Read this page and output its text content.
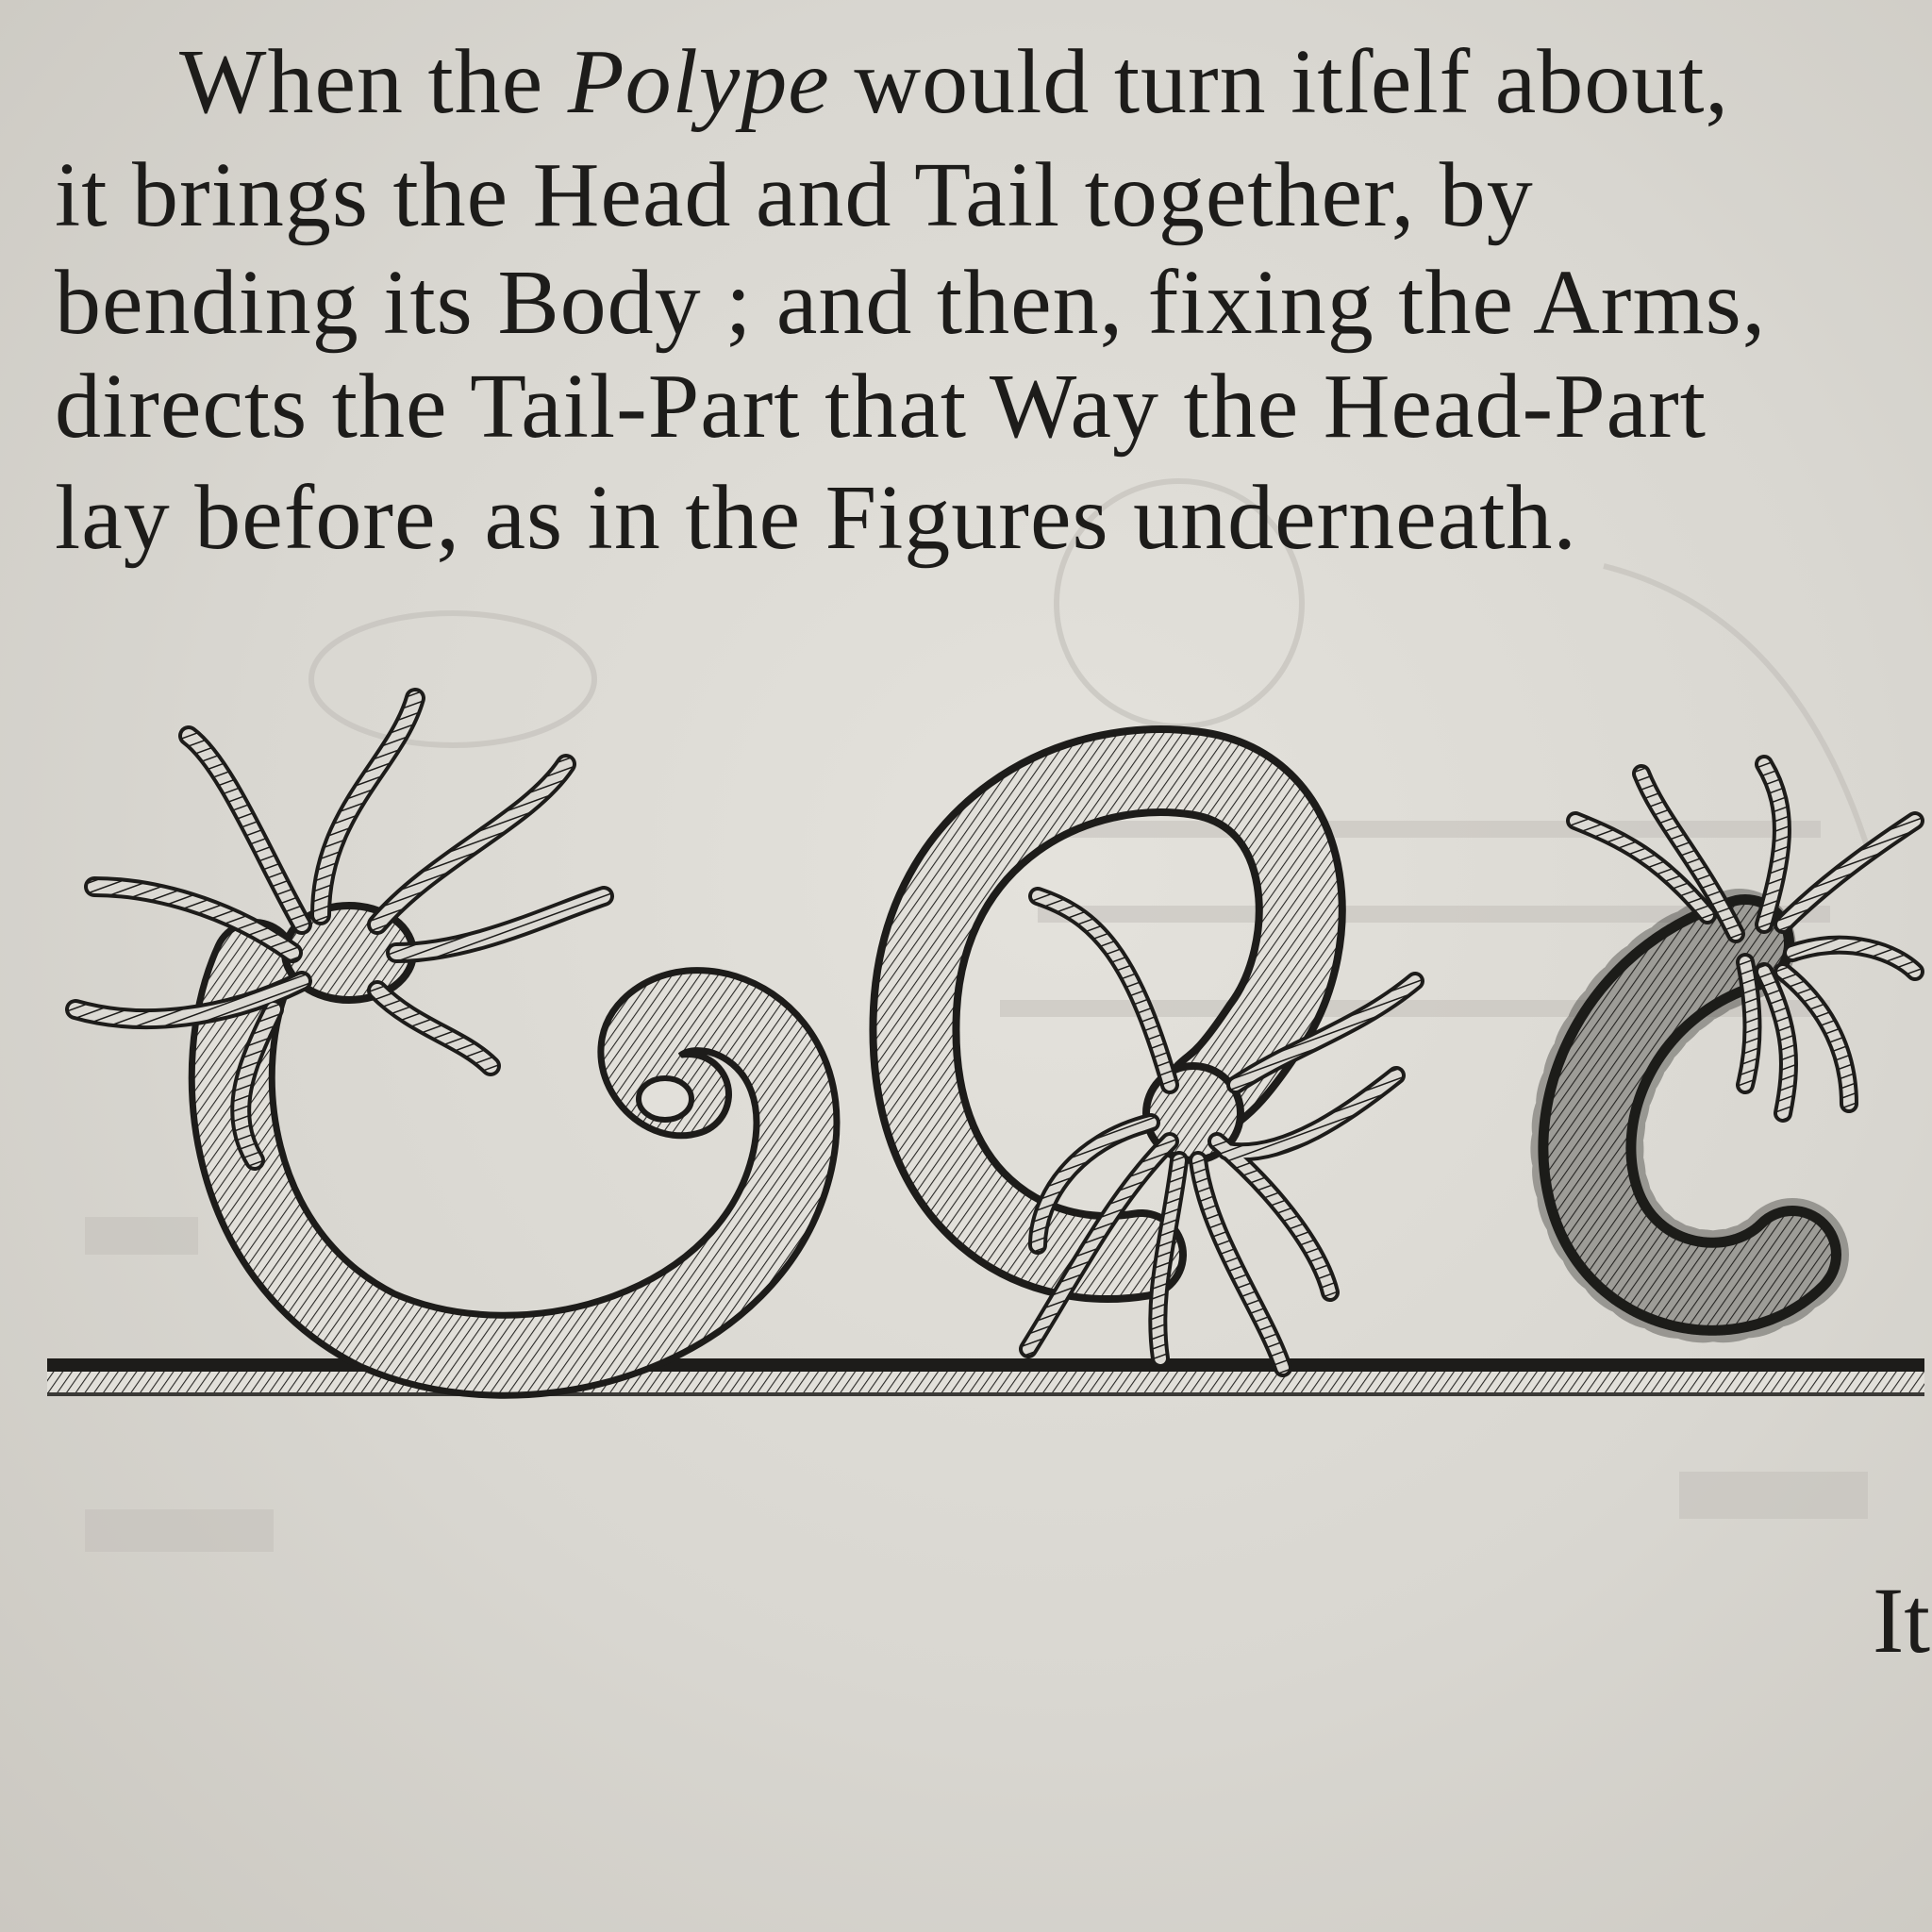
When the Polype would turn itſelf about,
it brings the Head and Tail together, by
bending its Body ; and then, fixing the Arms,
directs the Tail-Part that Way the Head-Part
lay before, as in the Figures underneath.
It
